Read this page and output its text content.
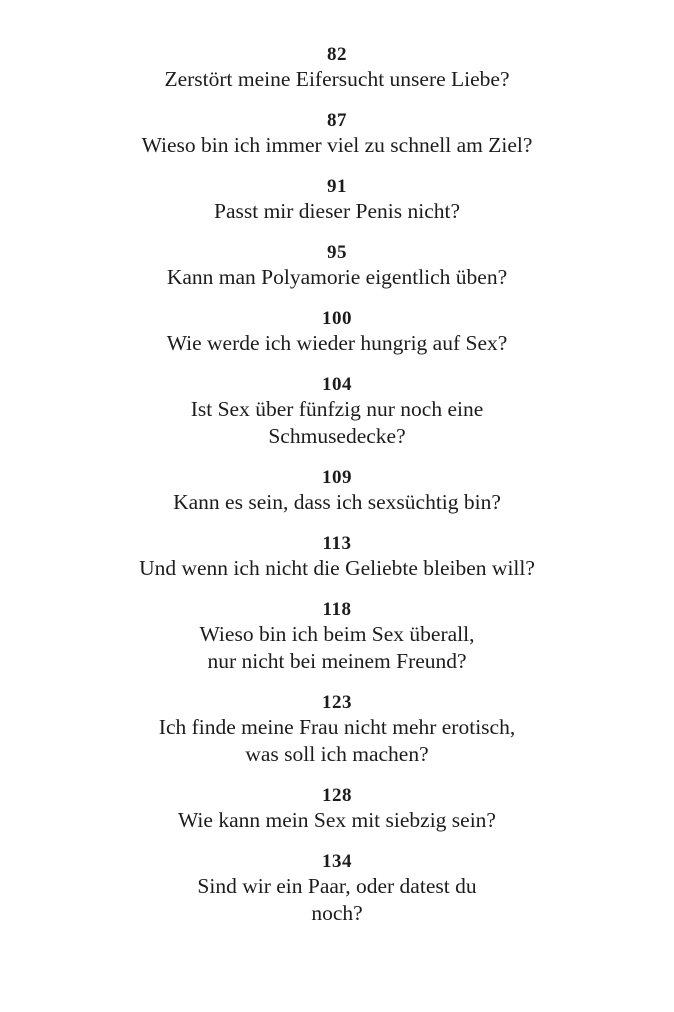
82
Zerstört meine Eifersucht unsere Liebe?
87
Wieso bin ich immer viel zu schnell am Ziel?
91
Passt mir dieser Penis nicht?
95
Kann man Polyamorie eigentlich üben?
100
Wie werde ich wieder hungrig auf Sex?
104
Ist Sex über fünfzig nur noch eine
Schmusedecke?
109
Kann es sein, dass ich sexsüchtig bin?
113
Und wenn ich nicht die Geliebte bleiben will?
118
Wieso bin ich beim Sex überall,
nur nicht bei meinem Freund?
123
Ich finde meine Frau nicht mehr erotisch,
was soll ich machen?
128
Wie kann mein Sex mit siebzig sein?
134
Sind wir ein Paar, oder datest du
noch?
